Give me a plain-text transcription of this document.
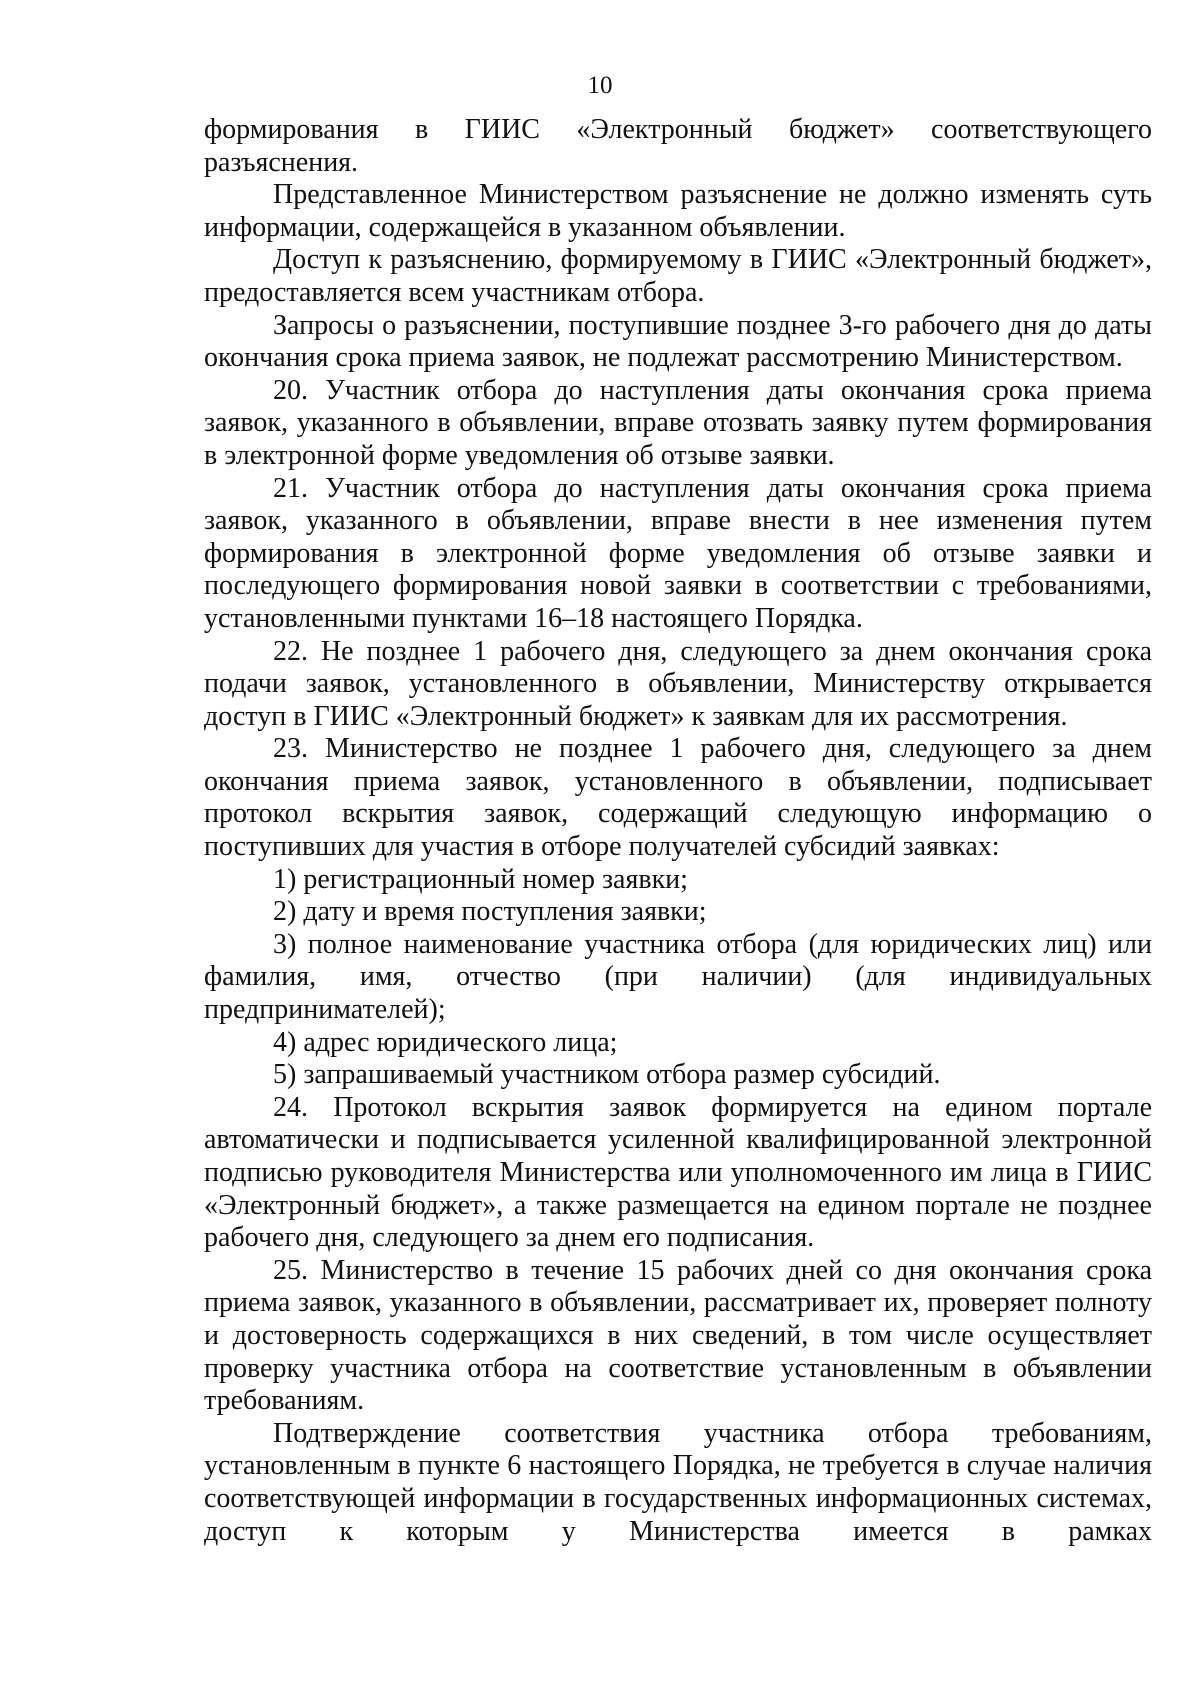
10

формирования в ГИИС «Электронный бюджет» соответствующего разъяснения.

Представленное Министерством разъяснение не должно изменять суть информации, содержащейся в указанном объявлении.

Доступ к разъяснению, формируемому в ГИИС «Электронный бюджет», предоставляется всем участникам отбора.

Запросы о разъяснении, поступившие позднее 3-го рабочего дня до даты окончания срока приема заявок, не подлежат рассмотрению Министерством.

20. Участник отбора до наступления даты окончания срока приема заявок, указанного в объявлении, вправе отозвать заявку путем формирования в электронной форме уведомления об отзыве заявки.

21. Участник отбора до наступления даты окончания срока приема заявок, указанного в объявлении, вправе внести в нее изменения путем формирования в электронной форме уведомления об отзыве заявки и последующего формирования новой заявки в соответствии с требованиями, установленными пунктами 16–18 настоящего Порядка.

22. Не позднее 1 рабочего дня, следующего за днем окончания срока подачи заявок, установленного в объявлении, Министерству открывается доступ в ГИИС «Электронный бюджет» к заявкам для их рассмотрения.

23. Министерство не позднее 1 рабочего дня, следующего за днем окончания приема заявок, установленного в объявлении, подписывает протокол вскрытия заявок, содержащий следующую информацию о поступивших для участия в отборе получателей субсидий заявках:

1) регистрационный номер заявки;

2) дату и время поступления заявки;

3) полное наименование участника отбора (для юридических лиц) или фамилия, имя, отчество (при наличии) (для индивидуальных предпринимателей);

4) адрес юридического лица;

5) запрашиваемый участником отбора размер субсидий.

24. Протокол вскрытия заявок формируется на едином портале автоматически и подписывается усиленной квалифицированной электронной подписью руководителя Министерства или уполномоченного им лица в ГИИС «Электронный бюджет», а также размещается на едином портале не позднее рабочего дня, следующего за днем его подписания.

25. Министерство в течение 15 рабочих дней со дня окончания срока приема заявок, указанного в объявлении, рассматривает их, проверяет полноту и достоверность содержащихся в них сведений, в том числе осуществляет проверку участника отбора на соответствие установленным в объявлении требованиям.

Подтверждение соответствия участника отбора требованиям, установленным в пункте 6 настоящего Порядка, не требуется в случае наличия соответствующей информации в государственных информационных системах, доступ к которым у Министерства имеется в рамках
